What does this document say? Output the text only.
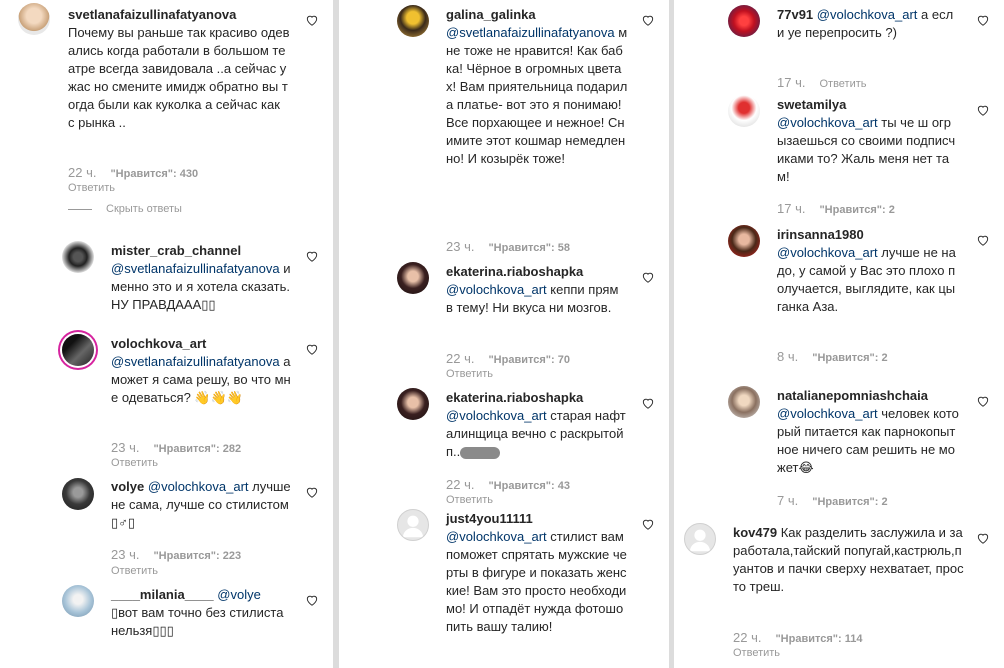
svetlanafaizullinafatyanova
Почему вы раньше так красиво одевались когда работали в большом театре всегда завидовала ..а сейчас ужас но смените имидж обратно вы тогда были как куколка а сейчас как с рынка ..
22 ч. "Нравится": 430
Ответить
Скрыть ответы
mister_crab_channel
@svetlanafaizullinafatyanova именно это и я хотела сказать.НУ ПРАВДААА▯▯
volochkova_art
@svetlanafaizullinafatyanova а может я сама решу, во что мне одеваться? 👋👋👋
23 ч. "Нравится": 282
Ответить
volye @volochkova_art лучше не сама, лучше со стилистом ▯♂▯
23 ч. "Нравится": 223
Ответить
____milania____ @volye
▯вот вам точно без стилиста нельзя▯▯▯
galina_galinka
@svetlanafaizullinafatyanova мне тоже не нравится! Как бабка! Чёрное в огромных цветах! Вам приятельница подарила платье- вот это я понимаю! Все порхающее и нежное! Снимите этот кошмар немедленно! И козырёк тоже!
23 ч. "Нравится": 58
ekaterina.riaboshapka
@volochkova_art кеппи прям в тему! Ни вкуса ни мозгов.
22 ч. "Нравится": 70
Ответить
ekaterina.riaboshapka
@volochkova_art старая нафталинщица вечно с раскрытой п..
22 ч. "Нравится": 43
Ответить
just4you11111
@volochkova_art стилист вам поможет спрятать мужские черты в фигуре и показать женские! Вам это просто необходимо! И отпадёт нужда фотошопить вашу талию!
77v91 @volochkova_art а если уе перепросить ?)
17 ч. Ответить
swetamilya
@volochkova_art ты че ш огрызаешься со своими подписчиками то? Жаль меня нет там!
17 ч. "Нравится": 2
irinsanna1980
@volochkova_art лучше не надо, у самой у Вас это плохо получается, выглядите, как цыганка Аза.
8 ч. "Нравится": 2
natalianepomniashchaia
@volochkova_art человек который питается как парнокопытное ничего сам решить не может😂
7 ч. "Нравится": 2
kov479 Как разделить заслужила и заработала,тайский попугай,кастрюль,пуантов и пачки сверху нехватает, просто треш.
22 ч. "Нравится": 114
Ответить
